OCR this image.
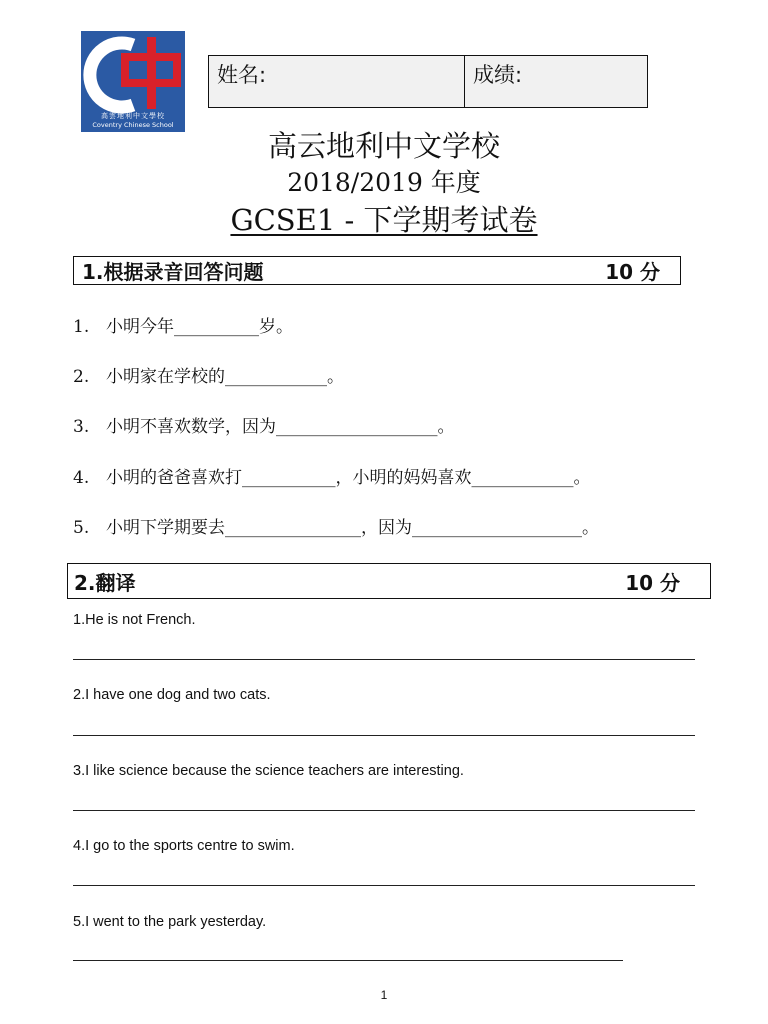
高雲地利中文學校
Coventry Chinese School
姓名:	成绩:
高云地利中文学校
2018/2019 年度
GCSE1 - 下学期考试卷
1.根据录音回答问题	10 分
1. 小明今年__________岁。
2. 小明家在学校的____________。
3. 小明不喜欢数学，因为___________________。
4. 小明的爸爸喜欢打___________，小明的妈妈喜欢____________。
5. 小明下学期要去________________，因为____________________。
2.翻译	10 分
1.He is not French.
2.I have one dog and two cats.
3.I like science because the science teachers are interesting.
4.I go to the sports centre to swim.
5.I went to the park yesterday.
1
